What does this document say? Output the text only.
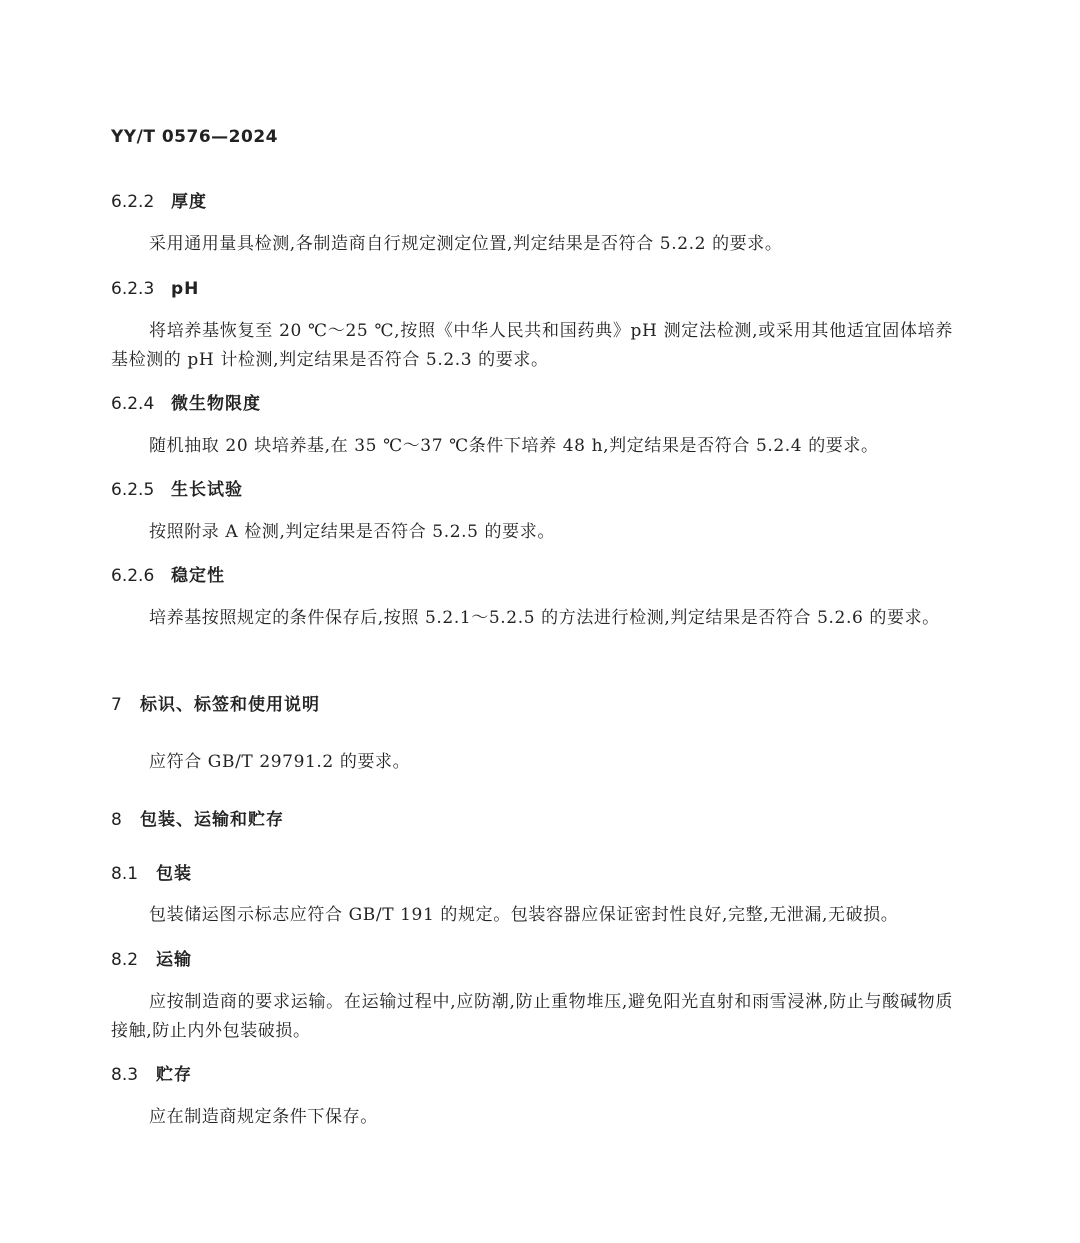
YY/T 0576—2024
6.2.2 厚度

采用通用量具检测,各制造商自行规定测定位置,判定结果是否符合 5.2.2 的要求。

6.2.3 pH

将培养基恢复至 20 ℃～25 ℃,按照《中华人民共和国药典》pH 测定法检测,或采用其他适宜固体培养基检测的 pH 计检测,判定结果是否符合 5.2.3 的要求。

6.2.4 微生物限度

随机抽取 20 块培养基,在 35 ℃～37 ℃条件下培养 48 h,判定结果是否符合 5.2.4 的要求。

6.2.5 生长试验

按照附录 A 检测,判定结果是否符合 5.2.5 的要求。

6.2.6 稳定性

培养基按照规定的条件保存后,按照 5.2.1～5.2.5 的方法进行检测,判定结果是否符合 5.2.6 的要求。

7 标识、标签和使用说明

应符合 GB/T 29791.2 的要求。

8 包装、运输和贮存
8.1 包装

包装储运图示标志应符合 GB/T 191 的规定。包装容器应保证密封性良好,完整,无泄漏,无破损。

8.2 运输

应按制造商的要求运输。在运输过程中,应防潮,防止重物堆压,避免阳光直射和雨雪浸淋,防止与酸碱物质接触,防止内外包装破损。

8.3 贮存

应在制造商规定条件下保存。
